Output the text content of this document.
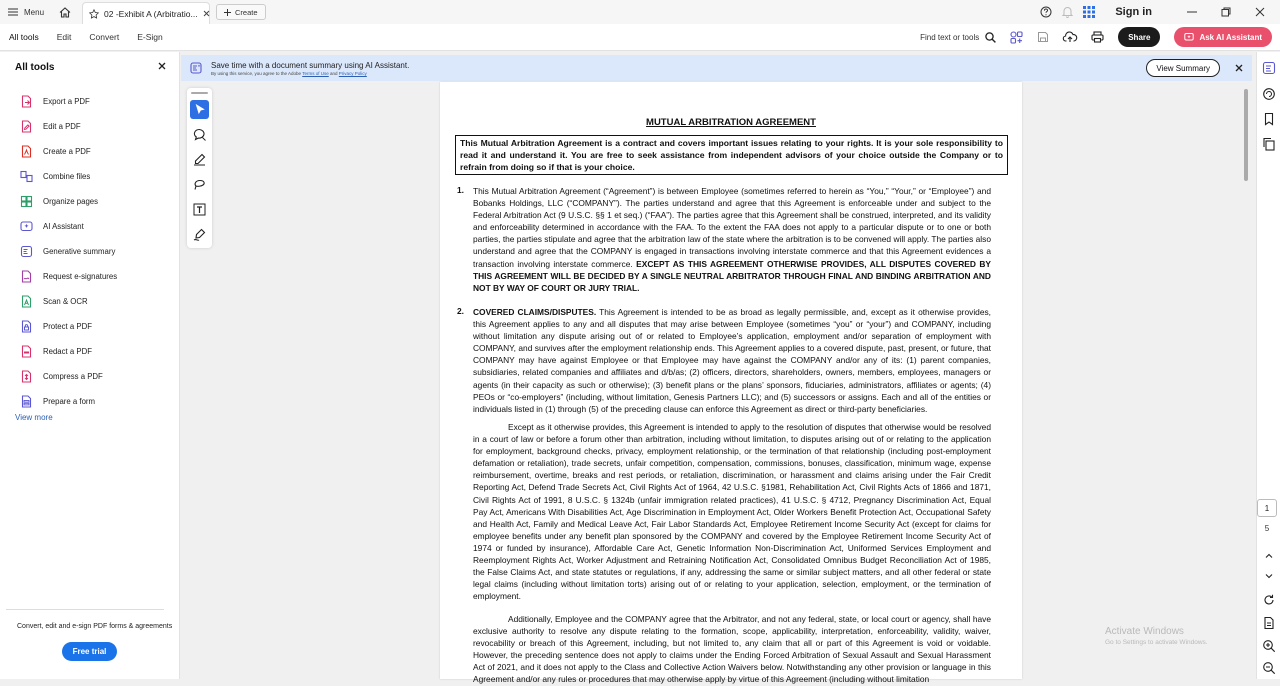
Menu	02 -Exhibit A (Arbitratio...	Create	Sign in
All tools	Edit	Convert	E-Sign	Find text or tools	Share	Ask AI Assistant
All tools
Export a PDF
Edit a PDF
Create a PDF
Combine files
Organize pages
AI Assistant
Generative summary
Request e-signatures
Scan & OCR
Protect a PDF
Redact a PDF
Compress a PDF
Prepare a form
View more
Convert, edit and e-sign PDF forms & agreements
Free trial
Save time with a document summary using AI Assistant.
By using this service, you agree to the Adobe Terms of Use and Privacy Policy
View Summary
MUTUAL ARBITRATION AGREEMENT
This Mutual Arbitration Agreement is a contract and covers important issues relating to your rights. It is your sole responsibility to read it and understand it. You are free to seek assistance from independent advisors of your choice outside the Company or to refrain from doing so if that is your choice.
1. This Mutual Arbitration Agreement (“Agreement”) is between Employee (sometimes referred to herein as “You,” “Your,” or “Employee”) and Bobanks Holdings, LLC (“COMPANY”). The parties understand and agree that this Agreement is enforceable under and subject to the Federal Arbitration Act (9 U.S.C. §§ 1 et seq.) (“FAA”). The parties agree that this Agreement shall be construed, interpreted, and its validity and enforceability determined in accordance with the FAA. To the extent the FAA does not apply to a particular dispute or to one or both parties, the parties stipulate and agree that the arbitration law of the state where the arbitration is to be convened will apply. The parties also understand and agree that the COMPANY is engaged in transactions involving interstate commerce and that this Agreement evidences a transaction involving interstate commerce. EXCEPT AS THIS AGREEMENT OTHERWISE PROVIDES, ALL DISPUTES COVERED BY THIS AGREEMENT WILL BE DECIDED BY A SINGLE NEUTRAL ARBITRATOR THROUGH FINAL AND BINDING ARBITRATION AND NOT BY WAY OF COURT OR JURY TRIAL.
2. COVERED CLAIMS/DISPUTES. This Agreement is intended to be as broad as legally permissible, and, except as it otherwise provides, this Agreement applies to any and all disputes that may arise between Employee (sometimes “you” or “your”) and COMPANY, including without limitation any dispute arising out of or related to Employee’s application, employment and/or separation of employment with COMPANY, and survives after the employment relationship ends. This Agreement applies to a covered dispute, past, present, or future, that COMPANY may have against Employee or that Employee may have against the COMPANY and/or any of its: (1) parent companies, subsidiaries, related companies and affiliates and d/b/as; (2) officers, directors, shareholders, owners, members, employees, managers or agents (in their capacity as such or otherwise); (3) benefit plans or the plans’ sponsors, fiduciaries, administrators, affiliates or agents; (4) PEOs or “co-employers” (including, without limitation, Genesis Partners LLC); and (5) successors or assigns. Each and all of the entities or individuals listed in (1) through (5) of the preceding clause can enforce this Agreement as direct or third-party beneficiaries.
Except as it otherwise provides, this Agreement is intended to apply to the resolution of disputes that otherwise would be resolved in a court of law or before a forum other than arbitration, including without limitation, to disputes arising out of or relating to the application for employment, background checks, privacy, employment relationship, or the termination of that relationship (including post-employment defamation or retaliation), trade secrets, unfair competition, compensation, commissions, bonuses, classification, minimum wage, expense reimbursement, overtime, breaks and rest periods, or retaliation, discrimination, or harassment and claims arising under the Fair Credit Reporting Act, Defend Trade Secrets Act, Civil Rights Act of 1964, 42 U.S.C. §1981, Rehabilitation Act, Civil Rights Acts of 1866 and 1871, Civil Rights Act of 1991, 8 U.S.C. § 1324b (unfair immigration related practices), 41 U.S.C. § 4712, Pregnancy Discrimination Act, Equal Pay Act, Americans With Disabilities Act, Age Discrimination in Employment Act, Older Workers Benefit Protection Act, Occupational Safety and Health Act, Family and Medical Leave Act, Fair Labor Standards Act, Employee Retirement Income Security Act (except for claims for employee benefits under any benefit plan sponsored by the COMPANY and covered by the Employee Retirement Income Security Act of 1974 or funded by insurance), Affordable Care Act, Genetic Information Non-Discrimination Act, Uniformed Services Employment and Reemployment Rights Act, Worker Adjustment and Retraining Notification Act, Consolidated Omnibus Budget Reconciliation Act of 1985, the False Claims Act, and state statutes or regulations, if any, addressing the same or similar subject matters, and all other federal or state legal claims (including without limitation torts) arising out of or relating to your application, selection, employment, or the termination of employment.
Additionally, Employee and the COMPANY agree that the Arbitrator, and not any federal, state, or local court or agency, shall have exclusive authority to resolve any dispute relating to the formation, scope, applicability, interpretation, enforceability, validity, waiver, revocability or breach of this Agreement, including, but not limited to, any claim that all or part of this Agreement is void or voidable. However, the preceding sentence does not apply to claims under the Ending Forced Arbitration of Sexual Assault and Sexual Harassment Act of 2021, and it does not apply to the Class and Collective Action Waivers below. Notwithstanding any other provision or language in this Agreement and/or any rules or procedures that may otherwise apply by virtue of this Agreement (including without limitation
1
5
Activate Windows
Go to Settings to activate Windows.
